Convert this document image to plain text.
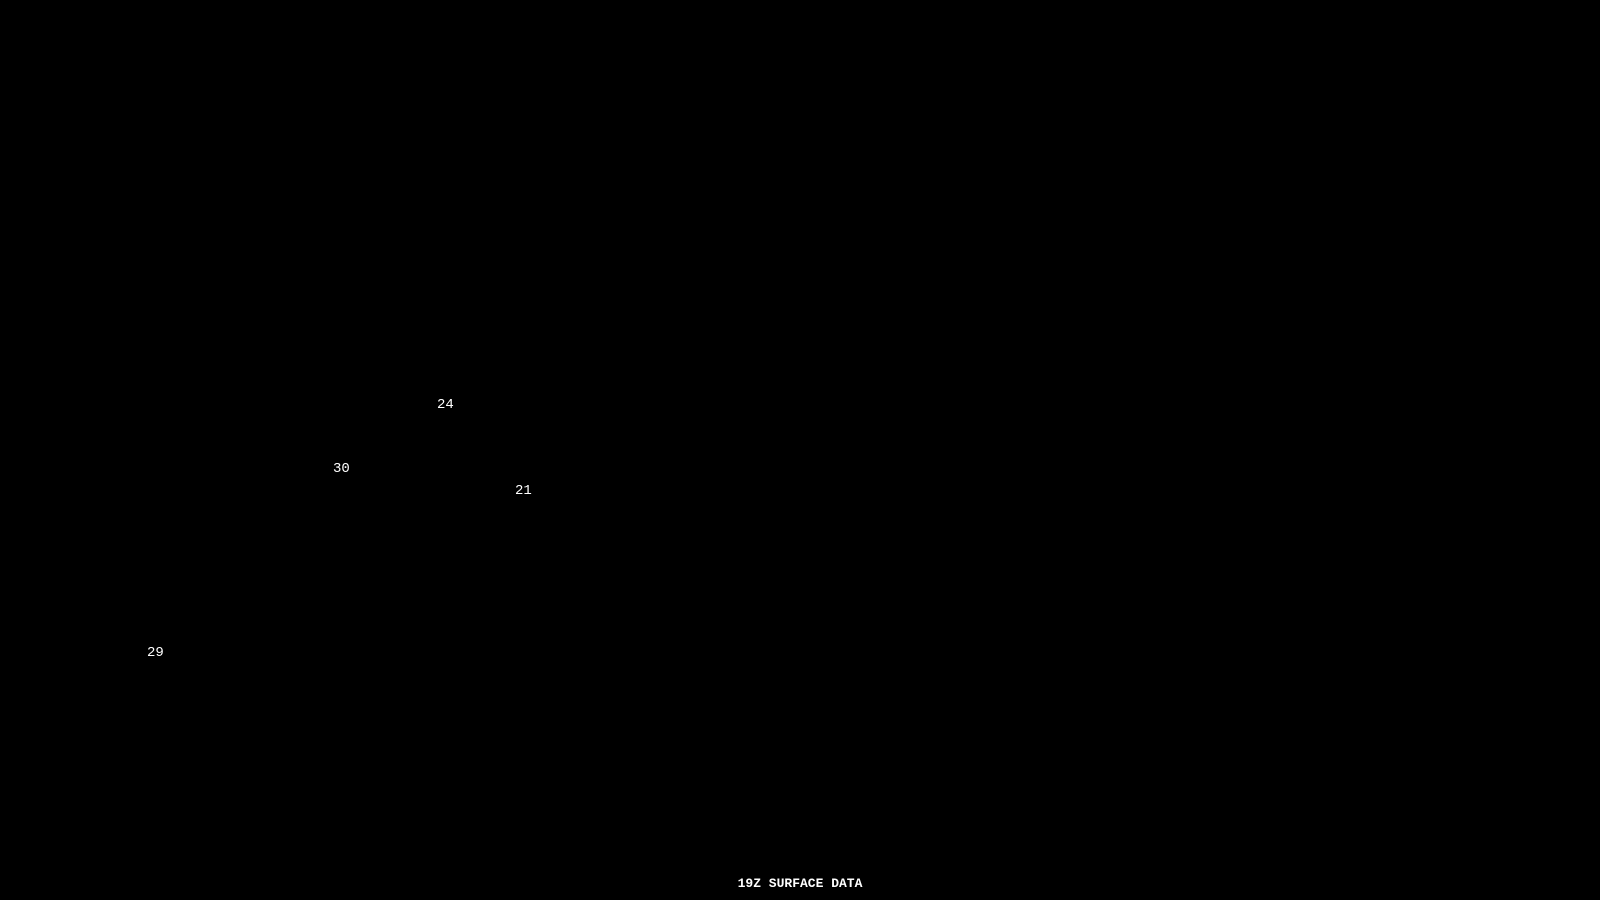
24
30
21
29
19Z SURFACE DATA
